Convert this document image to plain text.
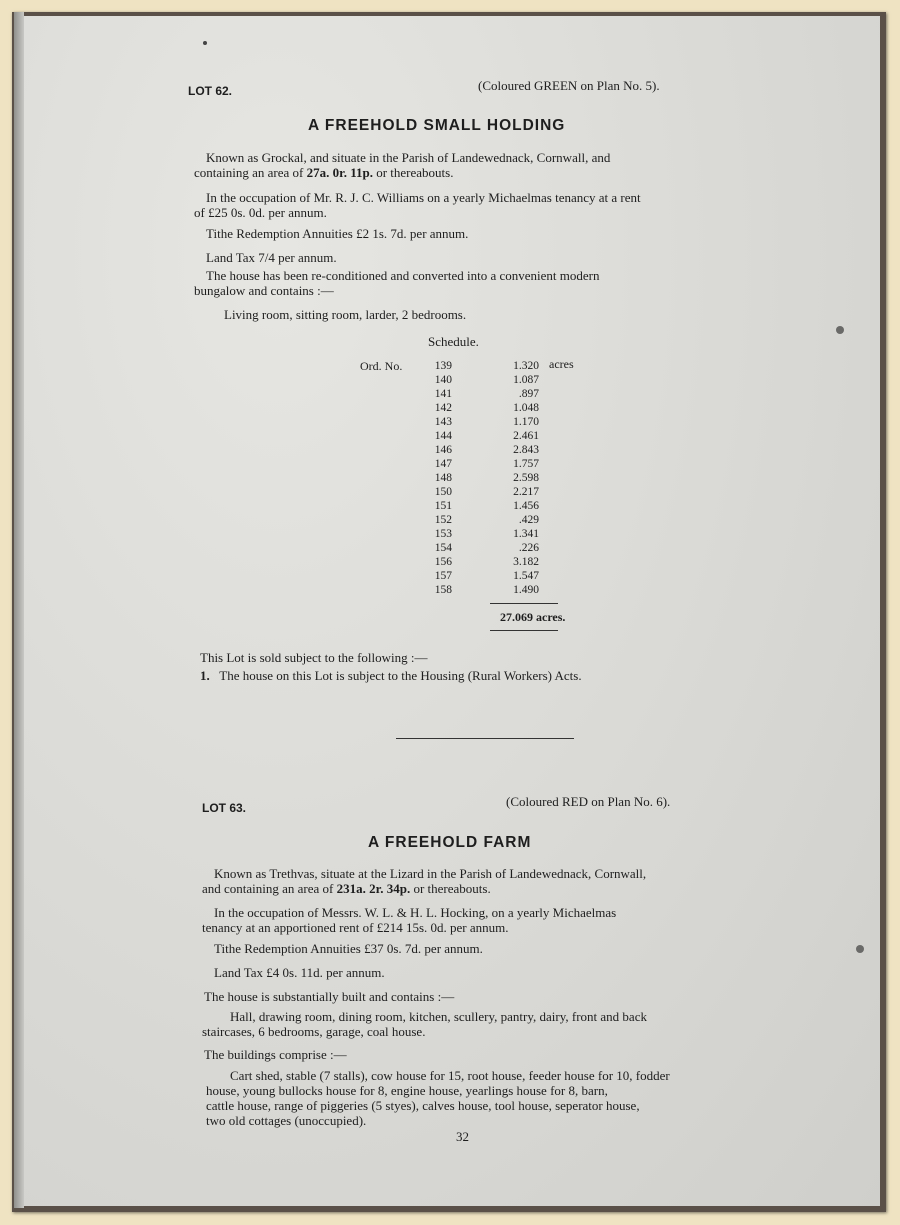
LOT 62.	(Coloured GREEN on Plan No. 5).
A FREEHOLD SMALL HOLDING
Known as Grockal, and situate in the Parish of Landewednack, Cornwall, and
containing an area of 27a. 0r. 11p. or thereabouts.
In the occupation of Mr. R. J. C. Williams on a yearly Michaelmas tenancy at a rent
of £25 0s. 0d. per annum.
Tithe Redemption Annuities £2 1s. 7d. per annum.
Land Tax 7/4 per annum.
The house has been re-conditioned and converted into a convenient modern
bungalow and contains :—
Living room, sitting room, larder, 2 bedrooms.
Schedule.
Ord. No.	acres
139	1.320
140	1.087
141	.897
142	1.048
143	1.170
144	2.461
146	2.843
147	1.757
148	2.598
150	2.217
151	1.456
152	.429
153	1.341
154	.226
156	3.182
157	1.547
158	1.490
27.069 acres.
This Lot is sold subject to the following :—
1. The house on this Lot is subject to the Housing (Rural Workers) Acts.
LOT 63.	(Coloured RED on Plan No. 6).
A FREEHOLD FARM
Known as Trethvas, situate at the Lizard in the Parish of Landewednack, Cornwall,
and containing an area of 231a. 2r. 34p. or thereabouts.
In the occupation of Messrs. W. L. & H. L. Hocking, on a yearly Michaelmas
tenancy at an apportioned rent of £214 15s. 0d. per annum.
Tithe Redemption Annuities £37 0s. 7d. per annum.
Land Tax £4 0s. 11d. per annum.
The house is substantially built and contains :—
Hall, drawing room, dining room, kitchen, scullery, pantry, dairy, front and back
staircases, 6 bedrooms, garage, coal house.
The buildings comprise :—
Cart shed, stable (7 stalls), cow house for 15, root house, feeder house for 10, fodder
house, young bullocks house for 8, engine house, yearlings house for 8, barn,
cattle house, range of piggeries (5 styes), calves house, tool house, seperator house,
two old cottages (unoccupied).
32
